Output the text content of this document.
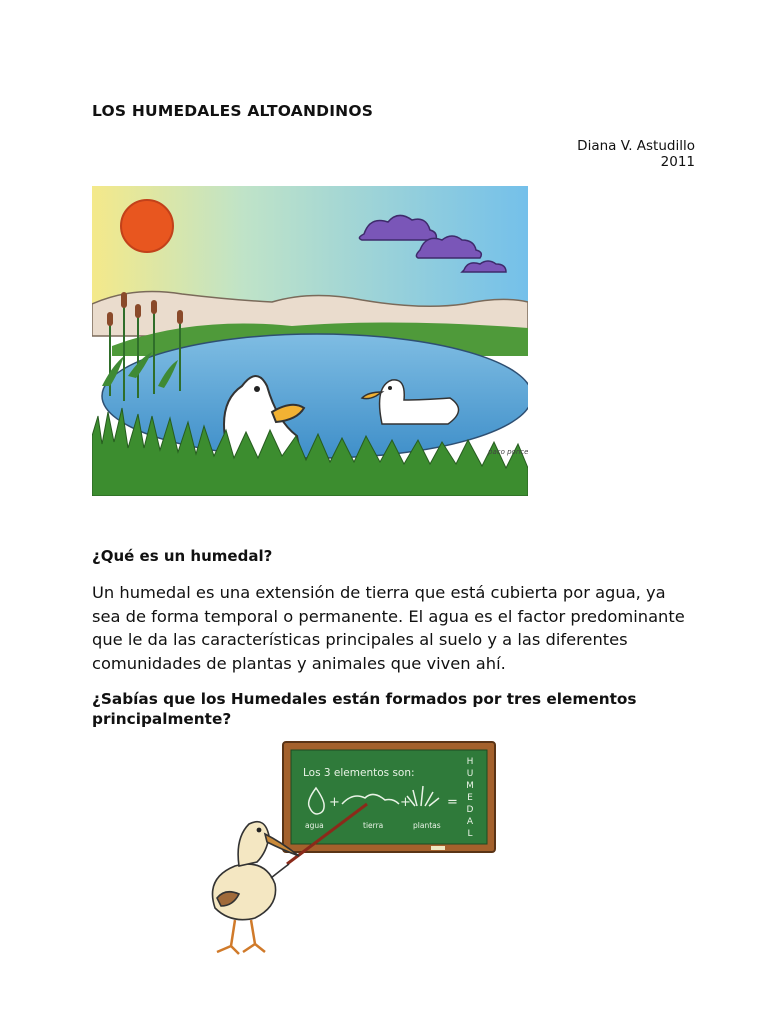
LOS HUMEDALES ALTOANDINOS
Diana V. Astudillo
2011
paco ponce
¿Qué es un humedal?

Un humedal es una extensión de tierra que está cubierta por agua, ya sea de forma temporal o permanente. El agua es el factor predominante que le da las características principales al suelo y a las diferentes comunidades de plantas y animales que viven ahí.

¿Sabías que los Humedales están formados por tres elementos principalmente?
Los 3 elementos son:
H
U
M
E
D
A
L
+	+	=
agua	tierra	plantas
